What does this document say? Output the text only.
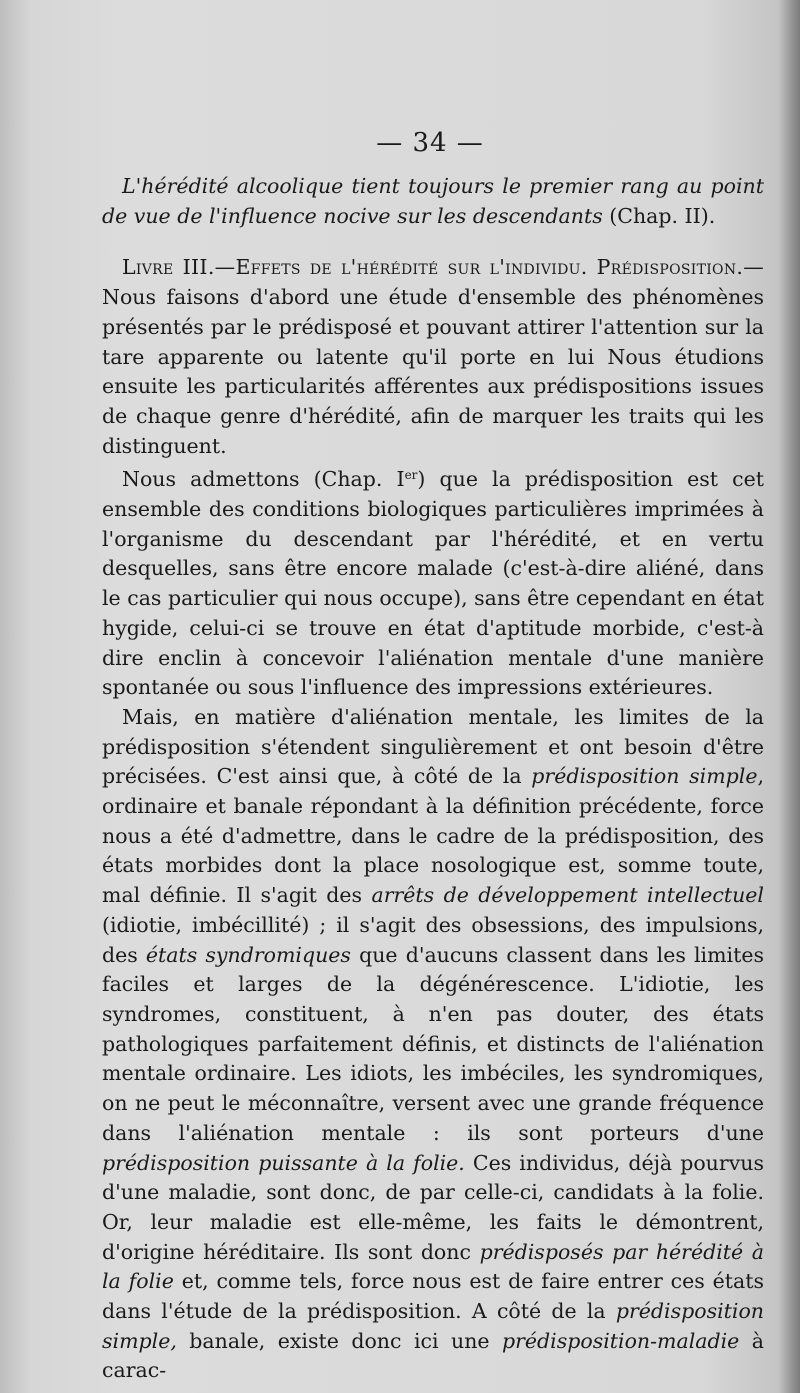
— 34 —

L'hérédité alcoolique tient toujours le premier rang au point de vue de l'influence nocive sur les descendants (Chap. II).

Livre III.—Effets de l'hérédité sur l'individu. Prédisposition.— Nous faisons d'abord une étude d'ensemble des phénomènes présentés par le prédisposé et pouvant attirer l'attention sur la tare apparente ou latente qu'il porte en lui Nous étudions ensuite les particularités afférentes aux prédispositions issues de chaque genre d'hérédité, afin de marquer les traits qui les distinguent.

Nous admettons (Chap. Ier) que la prédisposition est cet ensemble des conditions biologiques particulières imprimées à l'organisme du descendant par l'hérédité, et en vertu desquelles, sans être encore malade (c'est-à-dire aliéné, dans le cas particulier qui nous occupe), sans être cependant en état hygide, celui-ci se trouve en état d'aptitude morbide, c'est-à dire enclin à concevoir l'aliénation mentale d'une manière spontanée ou sous l'influence des impressions extérieures.

Mais, en matière d'aliénation mentale, les limites de la prédisposition s'étendent singulièrement et ont besoin d'être précisées. C'est ainsi que, à côté de la prédisposition simple, ordinaire et banale répondant à la définition précédente, force nous a été d'admettre, dans le cadre de la prédisposition, des états morbides dont la place nosologique est, somme toute, mal définie. Il s'agit des arrêts de développement intellectuel (idiotie, imbécillité) ; il s'agit des obsessions, des impulsions, des états syndromiques que d'aucuns classent dans les limites faciles et larges de la dégénérescence. L'idiotie, les syndromes, constituent, à n'en pas douter, des états pathologiques parfaitement définis, et distincts de l'aliénation mentale ordinaire. Les idiots, les imbéciles, les syndromiques, on ne peut le méconnaître, versent avec une grande fréquence dans l'aliénation mentale : ils sont porteurs d'une prédisposition puissante à la folie. Ces individus, déjà pourvus d'une maladie, sont donc, de par celle-ci, candidats à la folie. Or, leur maladie est elle-même, les faits le démontrent, d'origine héréditaire. Ils sont donc prédisposés par hérédité à la folie et, comme tels, force nous est de faire entrer ces états dans l'étude de la prédisposition. A côté de la prédisposition simple, banale, existe donc ici une prédisposition-maladie à carac-
